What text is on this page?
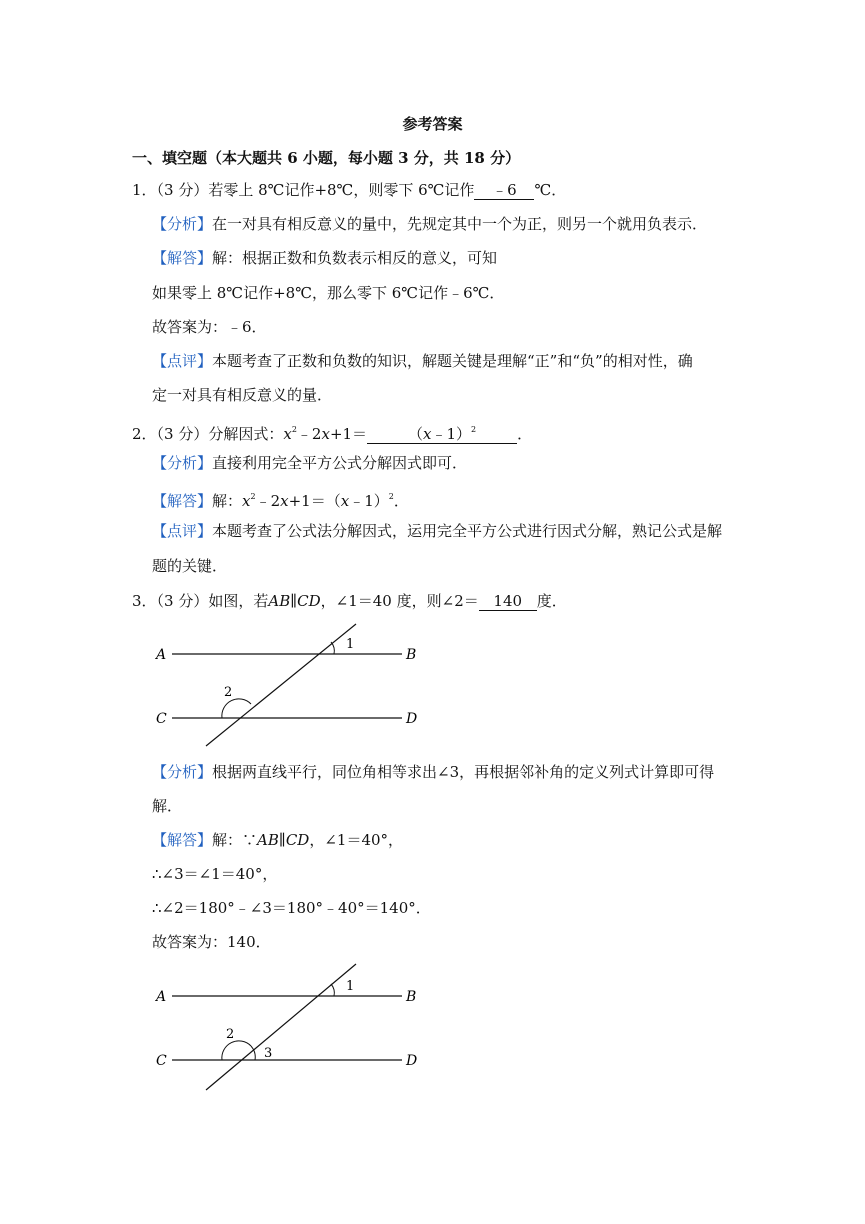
参考答案
一、填空题（本大题共 6 小题，每小题 3 分，共 18 分）
1．（3 分）若零上 8℃记作+8℃，则零下 6℃记作 ﹣6 ℃．
【分析】在一对具有相反意义的量中，先规定其中一个为正，则另一个就用负表示．
【解答】解：根据正数和负数表示相反的意义，可知
如果零上 8℃记作+8℃，那么零下 6℃记作﹣6℃．
故答案为：﹣6．
【点评】本题考查了正数和负数的知识，解题关键是理解“正”和“负”的相对性，确
定一对具有相反意义的量．
2．（3 分）分解因式：$x^2﹣2x+1=$	（x﹣1）$^2$	．
【分析】直接利用完全平方公式分解因式即可．
【解答】解：$x^2﹣2x+1=(x﹣1)^2$．
【点评】本题考查了公式法分解因式，运用完全平方公式进行因式分解，熟记公式是解
题的关键．
3．（3 分）如图，若AB∥CD，∠1＝40 度，则∠2＝ 140 度．
A	B
C	D
1
2
【分析】根据两直线平行，同位角相等求出∠3，再根据邻补角的定义列式计算即可得
解．
【解答】解：∵AB∥CD，∠1＝40°，
∴∠3＝∠1＝40°，
∴∠2＝180°﹣∠3＝180°﹣40°＝140°．
故答案为：140．
A	B
C	D
1
2
3
